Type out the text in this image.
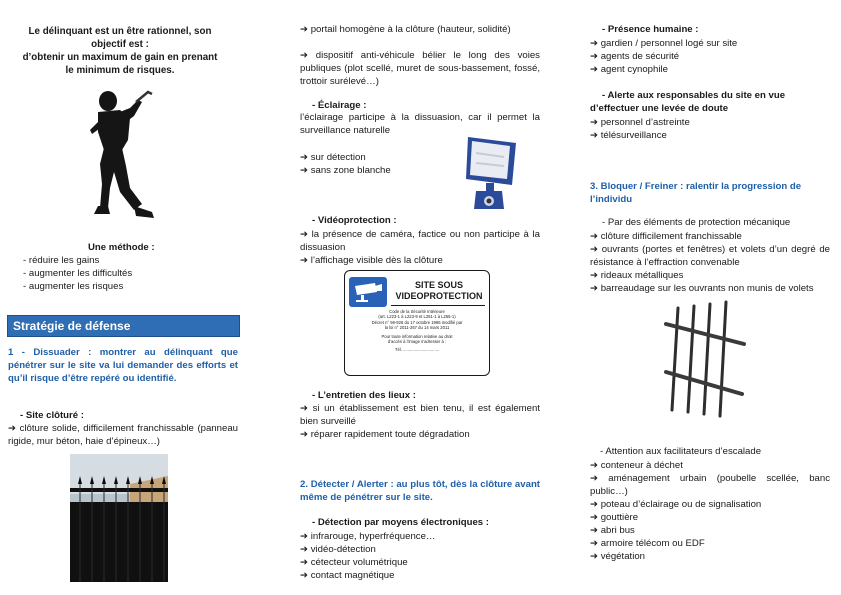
Le délinquant est un être rationnel, son
objectif est :
d’obtenir un maximum de gain en prenant
le minimum de risques.
Une méthode :
- réduire les gains
- augmenter les difficultés
- augmenter les risques
Stratégie de défense
1 - Dissuader : montrer au délinquant que pénétrer sur le site va lui demander des efforts et qu’il risque d’être repéré ou identifié.
- Site clôturé :
➔ clôture solide, difficilement franchissable (panneau rigide, mur béton, haie d’épineux…)
➔ portail homogène à la clôture (hauteur, solidité)
➔ dispositif anti-véhicule bélier le long des voies publiques (plot scellé, muret de sous-bassement, fossé, trottoir surélevé…)
- Éclairage :
l’éclairage participe à la dissuasion, car il permet la surveillance naturelle
➔ sur détection
➔ sans zone blanche
- Vidéoprotection :
➔ la présence de caméra, factice ou non participe à la dissuasion
➔ l’affichage visible dès la clôture
SITE SOUS
VIDEOPROTECTION
Code de la Sécurité Intérieure
(art. L223-1 à L223-9 et L251-1 à L255-1)
Décret n° 96-926 du 17 octobre 1996 modifié par
la loi n° 2011-267 du 14 mars 2011
Pour toute information relative au droit
d’accès à l’image s’adresser à :
Tél. ...............................
- L’entretien des lieux :
➔ si un établissement est bien tenu, il est également bien surveillé
➔ réparer rapidement toute dégradation
2. Détecter / Alerter : au plus tôt, dès la clôture avant même de pénétrer sur le site.
- Détection par moyens électroniques :
➔ infrarouge, hyperfréquence…
➔ vidéo-détection
➔ cétecteur volumétrique
➔ contact magnétique
- Présence humaine :
➔ gardien / personnel logé sur site
➔ agents de sécurité
➔ agent cynophile
- Alerte aux responsables du site en vue d’effectuer une levée de doute
➔ personnel d’astreinte
➔ télésurveillance
3. Bloquer / Freiner : ralentir la progression de l’individu
- Par des éléments de protection mécanique
➔ clôture difficilement franchissable
➔ ouvrants (portes et fenêtres) et volets d’un degré de résistance à l’effraction convenable
➔ rideaux métalliques
➔ barreaudage sur les ouvrants non munis de volets
- Attention aux facilitateurs d’escalade
➔ conteneur à déchet
➔ aménagement urbain (poubelle scellée, banc public…)
➔ poteau d’éclairage ou de signalisation
➔ gouttière
➔ abri bus
➔ armoire télécom ou EDF
➔ végétation
